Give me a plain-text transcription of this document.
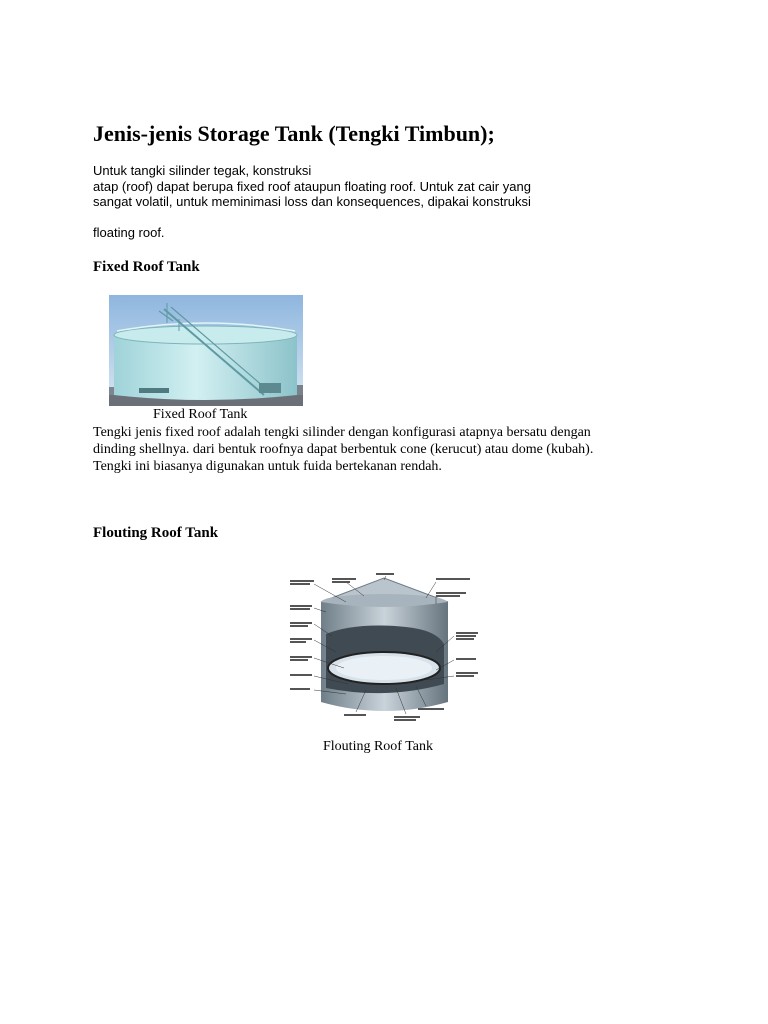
Jenis-jenis Storage Tank (Tengki Timbun);

Untuk tangki silinder tegak, konstruksi

atap (roof) dapat berupa fixed roof ataupun floating roof. Untuk zat cair yang

sangat volatil, untuk meminimasi loss dan konsequences, dipakai konstruksi

floating roof.

Fixed Roof Tank

Fixed Roof Tank

Tengki jenis fixed roof adalah tengki silinder dengan konfigurasi atapnya bersatu dengan
dinding shellnya. dari bentuk roofnya dapat berbentuk cone (kerucut) atau dome (kubah).
Tengki ini biasanya digunakan untuk fuida bertekanan rendah.
Flouting Roof Tank

Flouting Roof Tank
